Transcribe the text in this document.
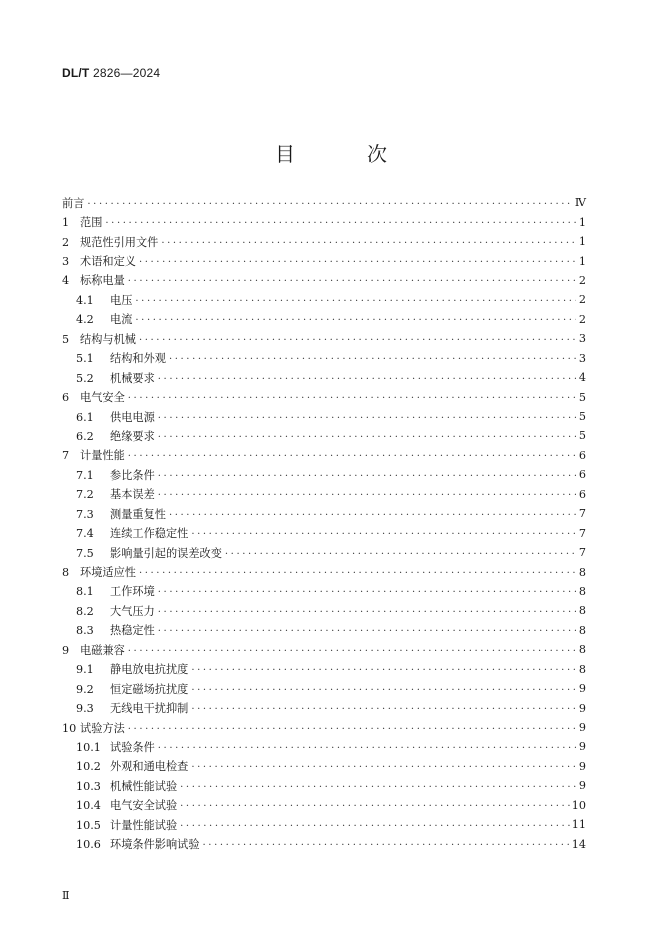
DL/T 2826—2024
目　次
前言 .....	Ⅳ
1 范围 .....	1
2 规范性引用文件 .....	1
3 术语和定义 .....	1
4 标称电量 .....	2
4.1 电压 .....	2
4.2 电流 .....	2
5 结构与机械 .....	3
5.1 结构和外观 .....	3
5.2 机械要求 .....	4
6 电气安全 .....	5
6.1 供电电源 .....	5
6.2 绝缘要求 .....	5
7 计量性能 .....	6
7.1 参比条件 .....	6
7.2 基本误差 .....	6
7.3 测量重复性 .....	7
7.4 连续工作稳定性 .....	7
7.5 影响量引起的误差改变 .....	7
8 环境适应性 .....	8
8.1 工作环境 .....	8
8.2 大气压力 .....	8
8.3 热稳定性 .....	8
9 电磁兼容 .....	8
9.1 静电放电抗扰度 .....	8
9.2 恒定磁场抗扰度 .....	9
9.3 无线电干扰抑制 .....	9
10 试验方法 .....	9
10.1 试验条件 .....	9
10.2 外观和通电检查 .....	9
10.3 机械性能试验 .....	9
10.4 电气安全试验 .....	10
10.5 计量性能试验 .....	11
10.6 环境条件影响试验 .....	14
Ⅱ
